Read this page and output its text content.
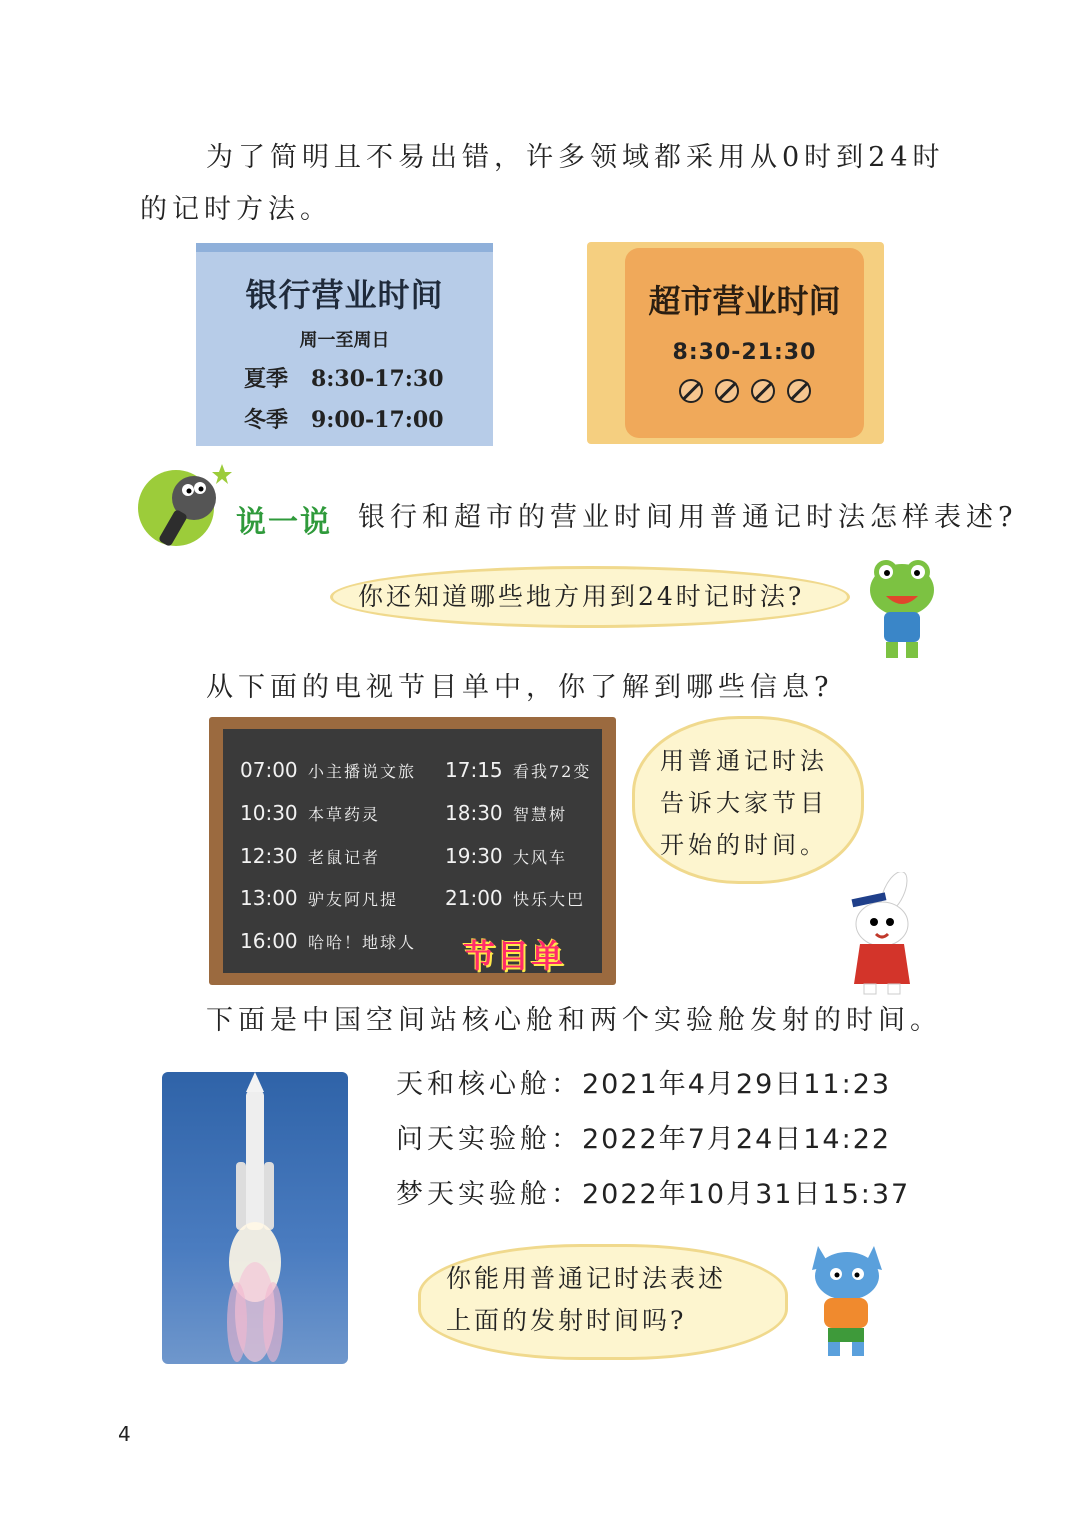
为了简明且不易出错，许多领域都采用从0时到24时
的记时方法。
银行营业时间
周一至周日
夏季   8:30-17:30
冬季   9:00-17:00
超市营业时间
8:30-21:30
说一说 银行和超市的营业时间用普通记时法怎样表述?
你还知道哪些地方用到24时记时法?
从下面的电视节目单中，你了解到哪些信息?
07:00 小主播说文旅
10:30 本草药灵
12:30 老鼠记者
13:00 驴友阿凡提
16:00 哈哈！地球人
17:15 看我72变
18:30 智慧树
19:30 大风车
21:00 快乐大巴
节目单
用普通记时法
告诉大家节目
开始的时间。
下面是中国空间站核心舱和两个实验舱发射的时间。
天和核心舱：2021年4月29日11:23
问天实验舱：2022年7月24日14:22
梦天实验舱：2022年10月31日15:37
你能用普通记时法表述
上面的发射时间吗?
4
